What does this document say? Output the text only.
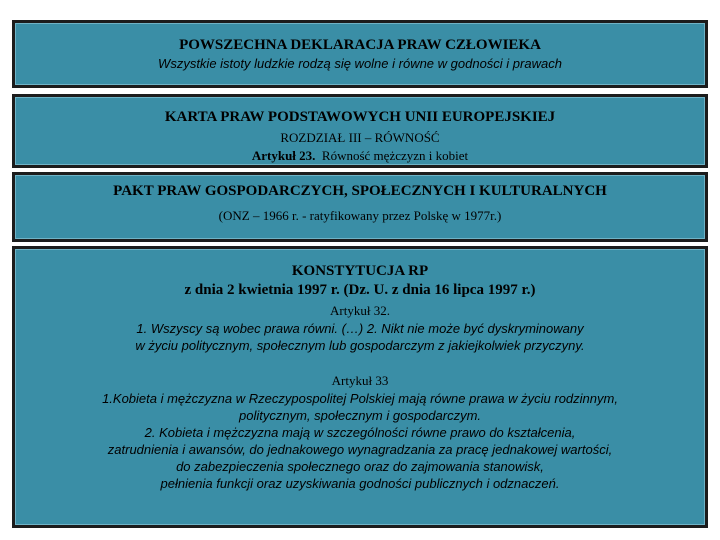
POWSZECHNA DEKLARACJA PRAW CZŁOWIEKA
Wszystkie istoty ludzkie rodzą się wolne i równe w godności i prawach
KARTA PRAW PODSTAWOWYCH UNII EUROPEJSKIEJ
ROZDZIAŁ III – RÓWNOŚĆ
Artykuł 23. Równość mężczyzn i kobiet
PAKT PRAW GOSPODARCZYCH, SPOŁECZNYCH I KULTURALNYCH
(ONZ – 1966 r. - ratyfikowany przez Polskę w 1977r.)
KONSTYTUCJA RP
z dnia 2 kwietnia 1997 r. (Dz. U. z dnia 16 lipca 1997 r.)
Artykuł 32.
1. Wszyscy są wobec prawa równi. (…) 2. Nikt nie może być dyskryminowany
w życiu politycznym, społecznym lub gospodarczym z jakiejkolwiek przyczyny.
Artykuł 33
1.Kobieta i mężczyzna w Rzeczypospolitej Polskiej mają równe prawa w życiu rodzinnym,
politycznym, społecznym i gospodarczym.
2. Kobieta i mężczyzna mają w szczególności równe prawo do kształcenia,
zatrudnienia i awansów, do jednakowego wynagradzania za pracę jednakowej wartości,
do zabezpieczenia społecznego oraz do zajmowania stanowisk,
pełnienia funkcji oraz uzyskiwania godności publicznych i odznaczeń.
